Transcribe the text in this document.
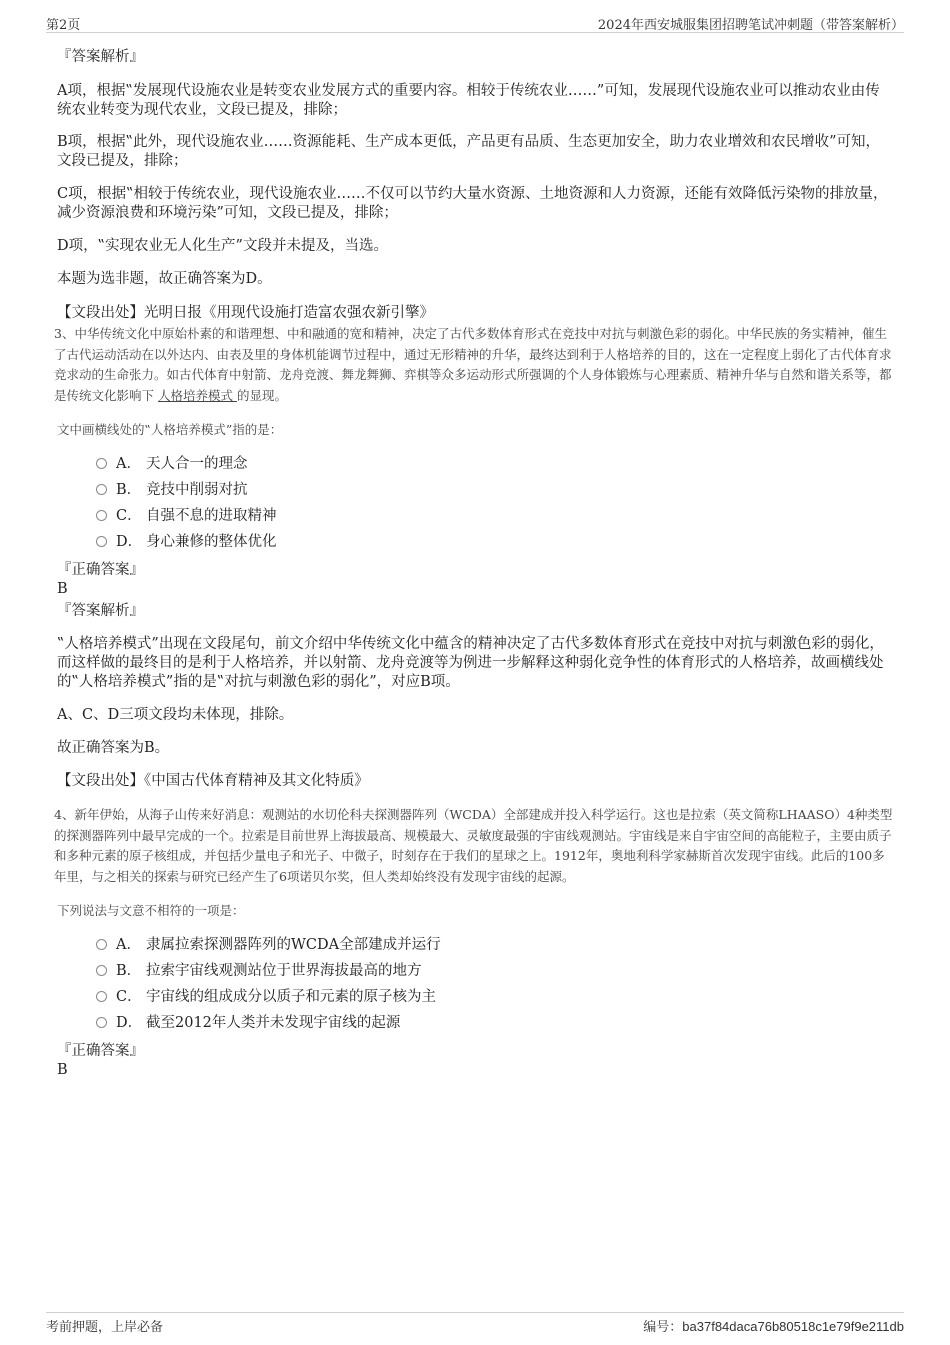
第2页	2024年西安城服集团招聘笔试冲刺题（带答案解析）

『答案解析』

A项，根据‟发展现代设施农业是转变农业发展方式的重要内容。相较于传统农业……”可知，发展现代设施农业可以推动农业由传统农业转变为现代农业，文段已提及，排除；

B项，根据‟此外，现代设施农业……资源能耗、生产成本更低，产品更有品质、生态更加安全，助力农业增效和农民增收”可知，文段已提及，排除；

C项，根据‟相较于传统农业，现代设施农业……不仅可以节约大量水资源、土地资源和人力资源，还能有效降低污染物的排放量，减少资源浪费和环境污染”可知，文段已提及，排除；

D项，‟实现农业无人化生产”文段并未提及，当选。

本题为选非题，故正确答案为D。

【文段出处】光明日报《用现代设施打造富农强农新引擎》

3、中华传统文化中原始朴素的和谐理想、中和融通的宽和精神，决定了古代多数体育形式在竞技中对抗与刺激色彩的弱化。中华民族的务实精神，催生了古代运动活动在以外达内、由表及里的身体机能调节过程中，通过无形精神的升华，最终达到利于人格培养的目的，这在一定程度上弱化了古代体育求竞求动的生命张力。如古代体育中射箭、龙舟竞渡、舞龙舞狮、弈棋等众多运动形式所强调的个人身体锻炼与心理素质、精神升华与自然和谐关系等，都是传统文化影响下 人格培养模式 的显现。

文中画横线处的‟人格培养模式”指的是：

A． 天人合一的理念
B． 竞技中削弱对抗
C． 自强不息的进取精神
D． 身心兼修的整体优化

『正确答案』

B

『答案解析』

‟人格培养模式”出现在文段尾句，前文介绍中华传统文化中蕴含的精神决定了古代多数体育形式在竞技中对抗与刺激色彩的弱化，而这样做的最终目的是利于人格培养，并以射箭、龙舟竞渡等为例进一步解释这种弱化竞争性的体育形式的人格培养，故画横线处的‟人格培养模式”指的是‟对抗与刺激色彩的弱化”，对应B项。

A、C、D三项文段均未体现，排除。

故正确答案为B。

【文段出处】《中国古代体育精神及其文化特质》

4、新年伊始，从海子山传来好消息：观测站的水切伦科夫探测器阵列（WCDA）全部建成并投入科学运行。这也是拉索（英文简称LHAASO）4种类型的探测器阵列中最早完成的一个。拉索是目前世界上海拔最高、规模最大、灵敏度最强的宇宙线观测站。宇宙线是来自宇宙空间的高能粒子，主要由质子和多种元素的原子核组成，并包括少量电子和光子、中微子，时刻存在于我们的星球之上。1912年，奥地利科学家赫斯首次发现宇宙线。此后的100多年里，与之相关的探索与研究已经产生了6项诺贝尔奖，但人类却始终没有发现宇宙线的起源。

下列说法与文意不相符的一项是：

A． 隶属拉索探测器阵列的WCDA全部建成并运行
B． 拉索宇宙线观测站位于世界海拔最高的地方
C． 宇宙线的组成成分以质子和元素的原子核为主
D． 截至2012年人类并未发现宇宙线的起源

『正确答案』

B

考前押题，上岸必备	编号：ba37f84daca76b80518c1e79f9e211db
